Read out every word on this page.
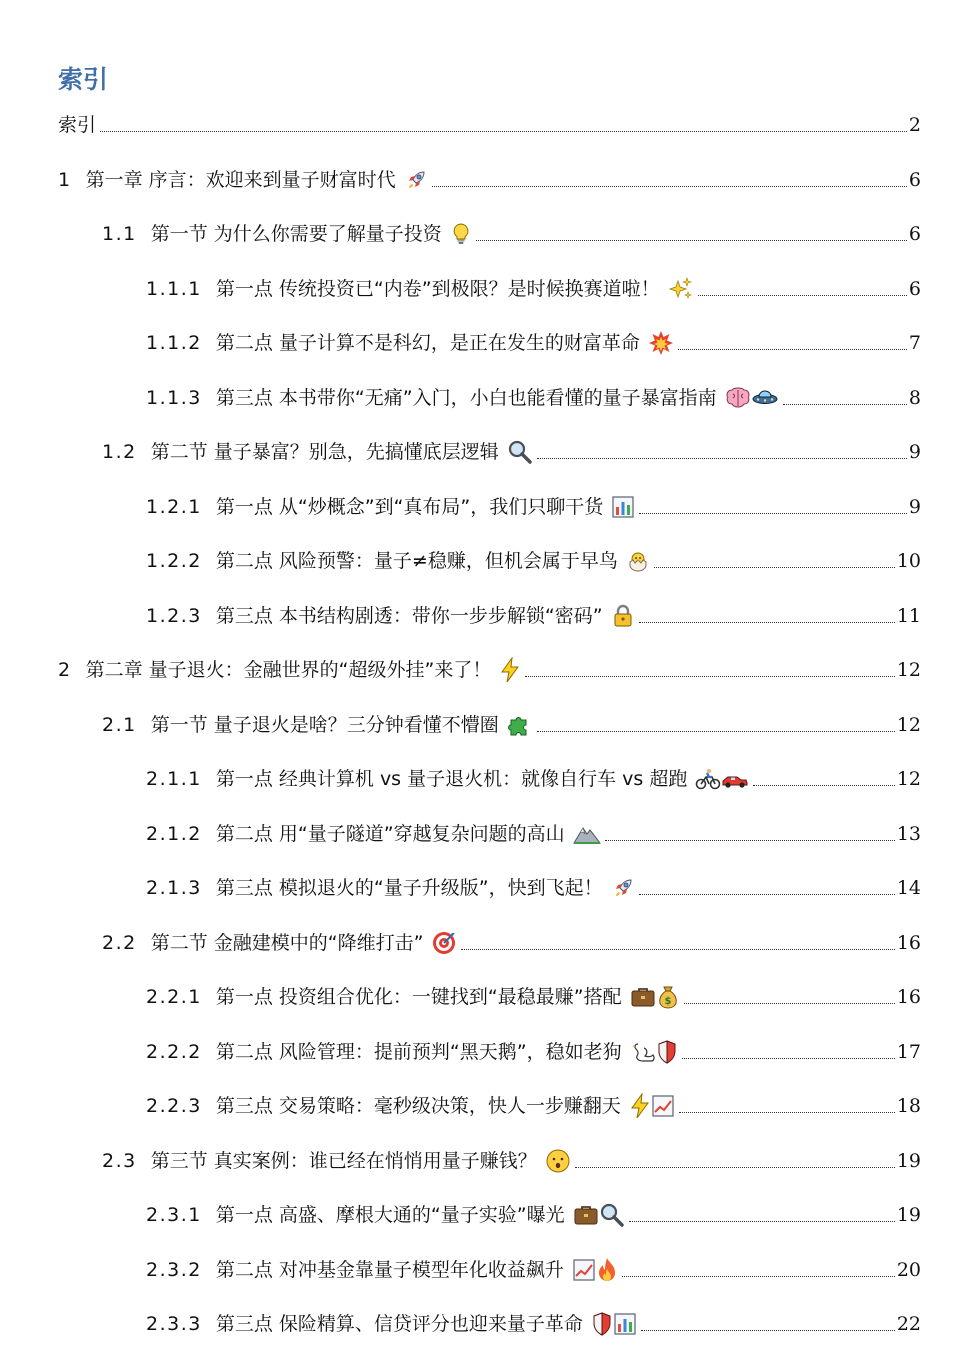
索引
索引	2
1 第一章 序言：欢迎来到量子财富时代	6
1.1 第一节 为什么你需要了解量子投资	6
1.1.1 第一点 传统投资已“内卷”到极限？是时候换赛道啦！	6
1.1.2 第二点 量子计算不是科幻，是正在发生的财富革命	7
1.1.3 第三点 本书带你“无痛”入门，小白也能看懂的量子暴富指南	8
1.2 第二节 量子暴富？别急，先搞懂底层逻辑	9
1.2.1 第一点 从“炒概念”到“真布局”，我们只聊干货	9
1.2.2 第二点 风险预警：量子≠稳赚，但机会属于早鸟	10
1.2.3 第三点 本书结构剧透：带你一步步解锁“密码”	11
2 第二章 量子退火：金融世界的“超级外挂”来了！	12
2.1 第一节 量子退火是啥？三分钟看懂不懵圈	12
2.1.1 第一点 经典计算机 vs 量子退火机：就像自行车 vs 超跑	12
2.1.2 第二点 用“量子隧道”穿越复杂问题的高山	13
2.1.3 第三点 模拟退火的“量子升级版”，快到飞起！	14
2.2 第二节 金融建模中的“降维打击”	16
2.2.1 第一点 投资组合优化：一键找到“最稳最赚”搭配	$	16
2.2.2 第二点 风险管理：提前预判“黑天鹅”，稳如老狗	17
2.2.3 第三点 交易策略：毫秒级决策，快人一步赚翻天	18
2.3 第三节 真实案例：谁已经在悄悄用量子赚钱？	19
2.3.1 第一点 高盛、摩根大通的“量子实验”曝光	19
2.3.2 第二点 对冲基金靠量子模型年化收益飙升	20
2.3.3 第三点 保险精算、信贷评分也迎来量子革命	22
